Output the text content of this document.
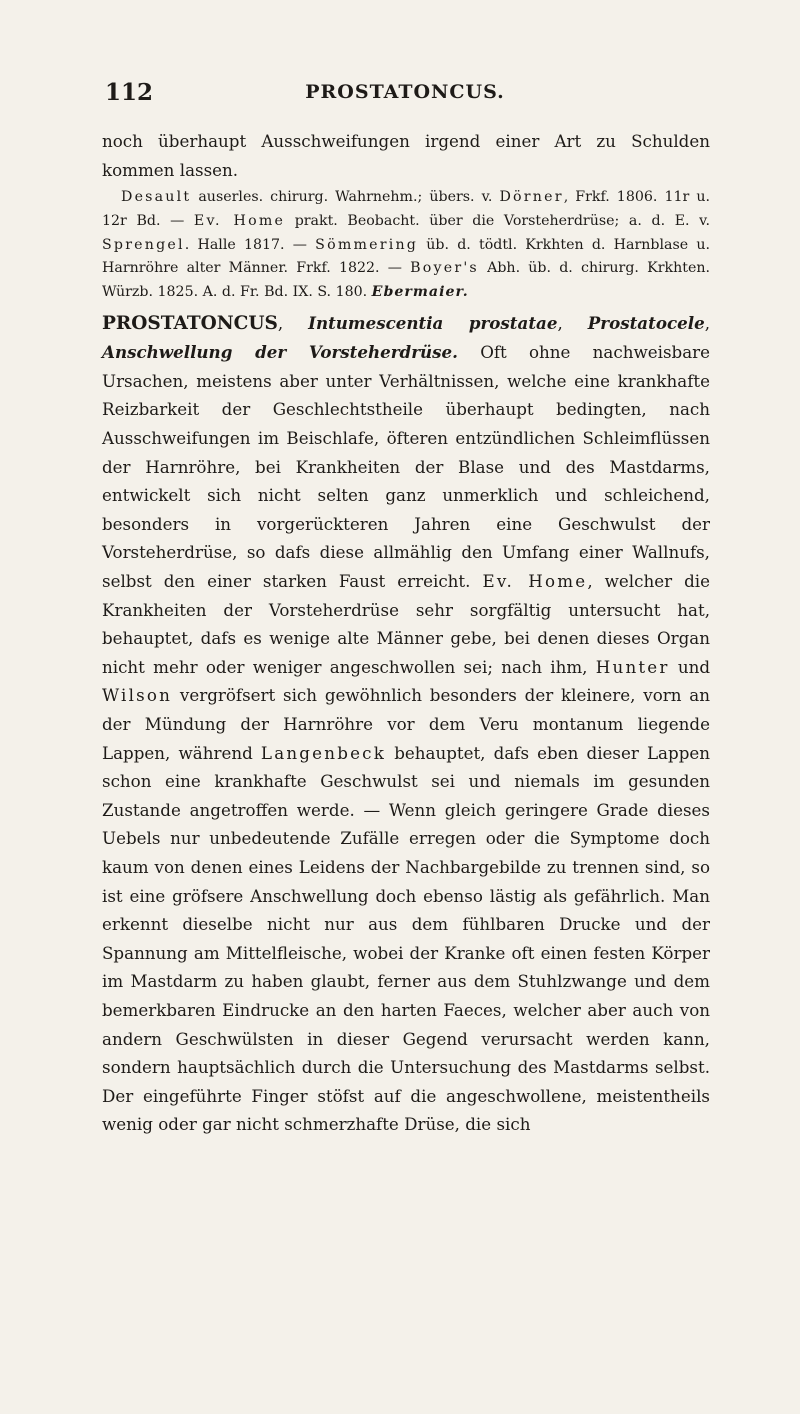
112	PROSTATONCUS.

noch überhaupt Ausschweifungen irgend einer Art zu Schulden kommen lassen.

Desault auserles. chirurg. Wahrnehm.; übers. v. Dörner, Frkf. 1806. 11r u. 12r Bd. — Ev. Home prakt. Beobacht. über die Vorsteherdrüse; a. d. E. v. Sprengel. Halle 1817. — Sömmering üb. d. tödtl. Krkhten d. Harnblase u. Harnröhre alter Männer. Frkf. 1822. — Boyer's Abh. üb. d. chirurg. Krkhten. Würzb. 1825. A. d. Fr. Bd. IX. S. 180. Ebermaier.

PROSTATONCUS, Intumescentia prostatae, Prostatocele, Anschwellung der Vorsteherdrüse. Oft ohne nachweisbare Ursachen, meistens aber unter Verhältnissen, welche eine krankhafte Reizbarkeit der Geschlechtstheile überhaupt bedingten, nach Ausschweifungen im Beischlafe, öfteren entzündlichen Schleimflüssen der Harnröhre, bei Krankheiten der Blase und des Mastdarms, entwickelt sich nicht selten ganz unmerklich und schleichend, besonders in vorgerückteren Jahren eine Geschwulst der Vorsteherdrüse, so dafs diese allmählig den Umfang einer Wallnufs, selbst den einer starken Faust erreicht. Ev. Home, welcher die Krankheiten der Vorsteherdrüse sehr sorgfältig untersucht hat, behauptet, dafs es wenige alte Männer gebe, bei denen dieses Organ nicht mehr oder weniger angeschwollen sei; nach ihm, Hunter und Wilson vergröfsert sich gewöhnlich besonders der kleinere, vorn an der Mündung der Harnröhre vor dem Veru montanum liegende Lappen, während Langenbeck behauptet, dafs eben dieser Lappen schon eine krankhafte Geschwulst sei und niemals im gesunden Zustande angetroffen werde. — Wenn gleich geringere Grade dieses Uebels nur unbedeutende Zufälle erregen oder die Symptome doch kaum von denen eines Leidens der Nachbargebilde zu trennen sind, so ist eine gröfsere Anschwellung doch ebenso lästig als gefährlich. Man erkennt dieselbe nicht nur aus dem fühlbaren Drucke und der Spannung am Mittelfleische, wobei der Kranke oft einen festen Körper im Mastdarm zu haben glaubt, ferner aus dem Stuhlzwange und dem bemerkbaren Eindrucke an den harten Faeces, welcher aber auch von andern Geschwülsten in dieser Gegend verursacht werden kann, sondern hauptsächlich durch die Untersuchung des Mastdarms selbst. Der eingeführte Finger stöfst auf die angeschwollene, meistentheils wenig oder gar nicht schmerzhafte Drüse, die sich
